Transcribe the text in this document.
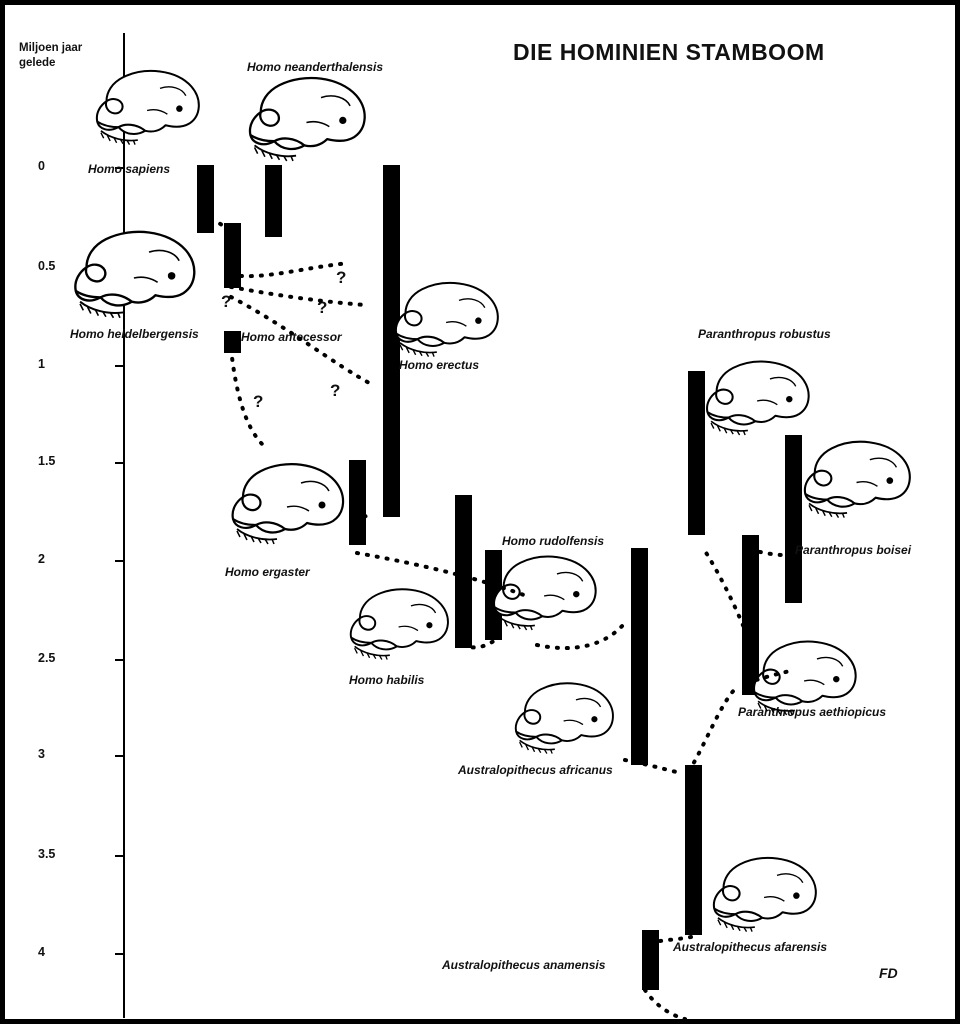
DIE HOMINIEN STAMBOOM
Miljoen jaar
gelede
0
0.5
1
1.5
2
2.5
3
3.5
4
Homo sapiens
Homo neanderthalensis
Homo heidelbergensis	Homo antecessor
Homo erectus
Homo ergaster
Homo habilis
Homo rudolfensis
Australopithecus africanus
Australopithecus afarensis
Australopithecus anamensis
Paranthropus aethiopicus
Paranthropus robustus
Paranthropus boisei
?
?	?
?
?
FD
